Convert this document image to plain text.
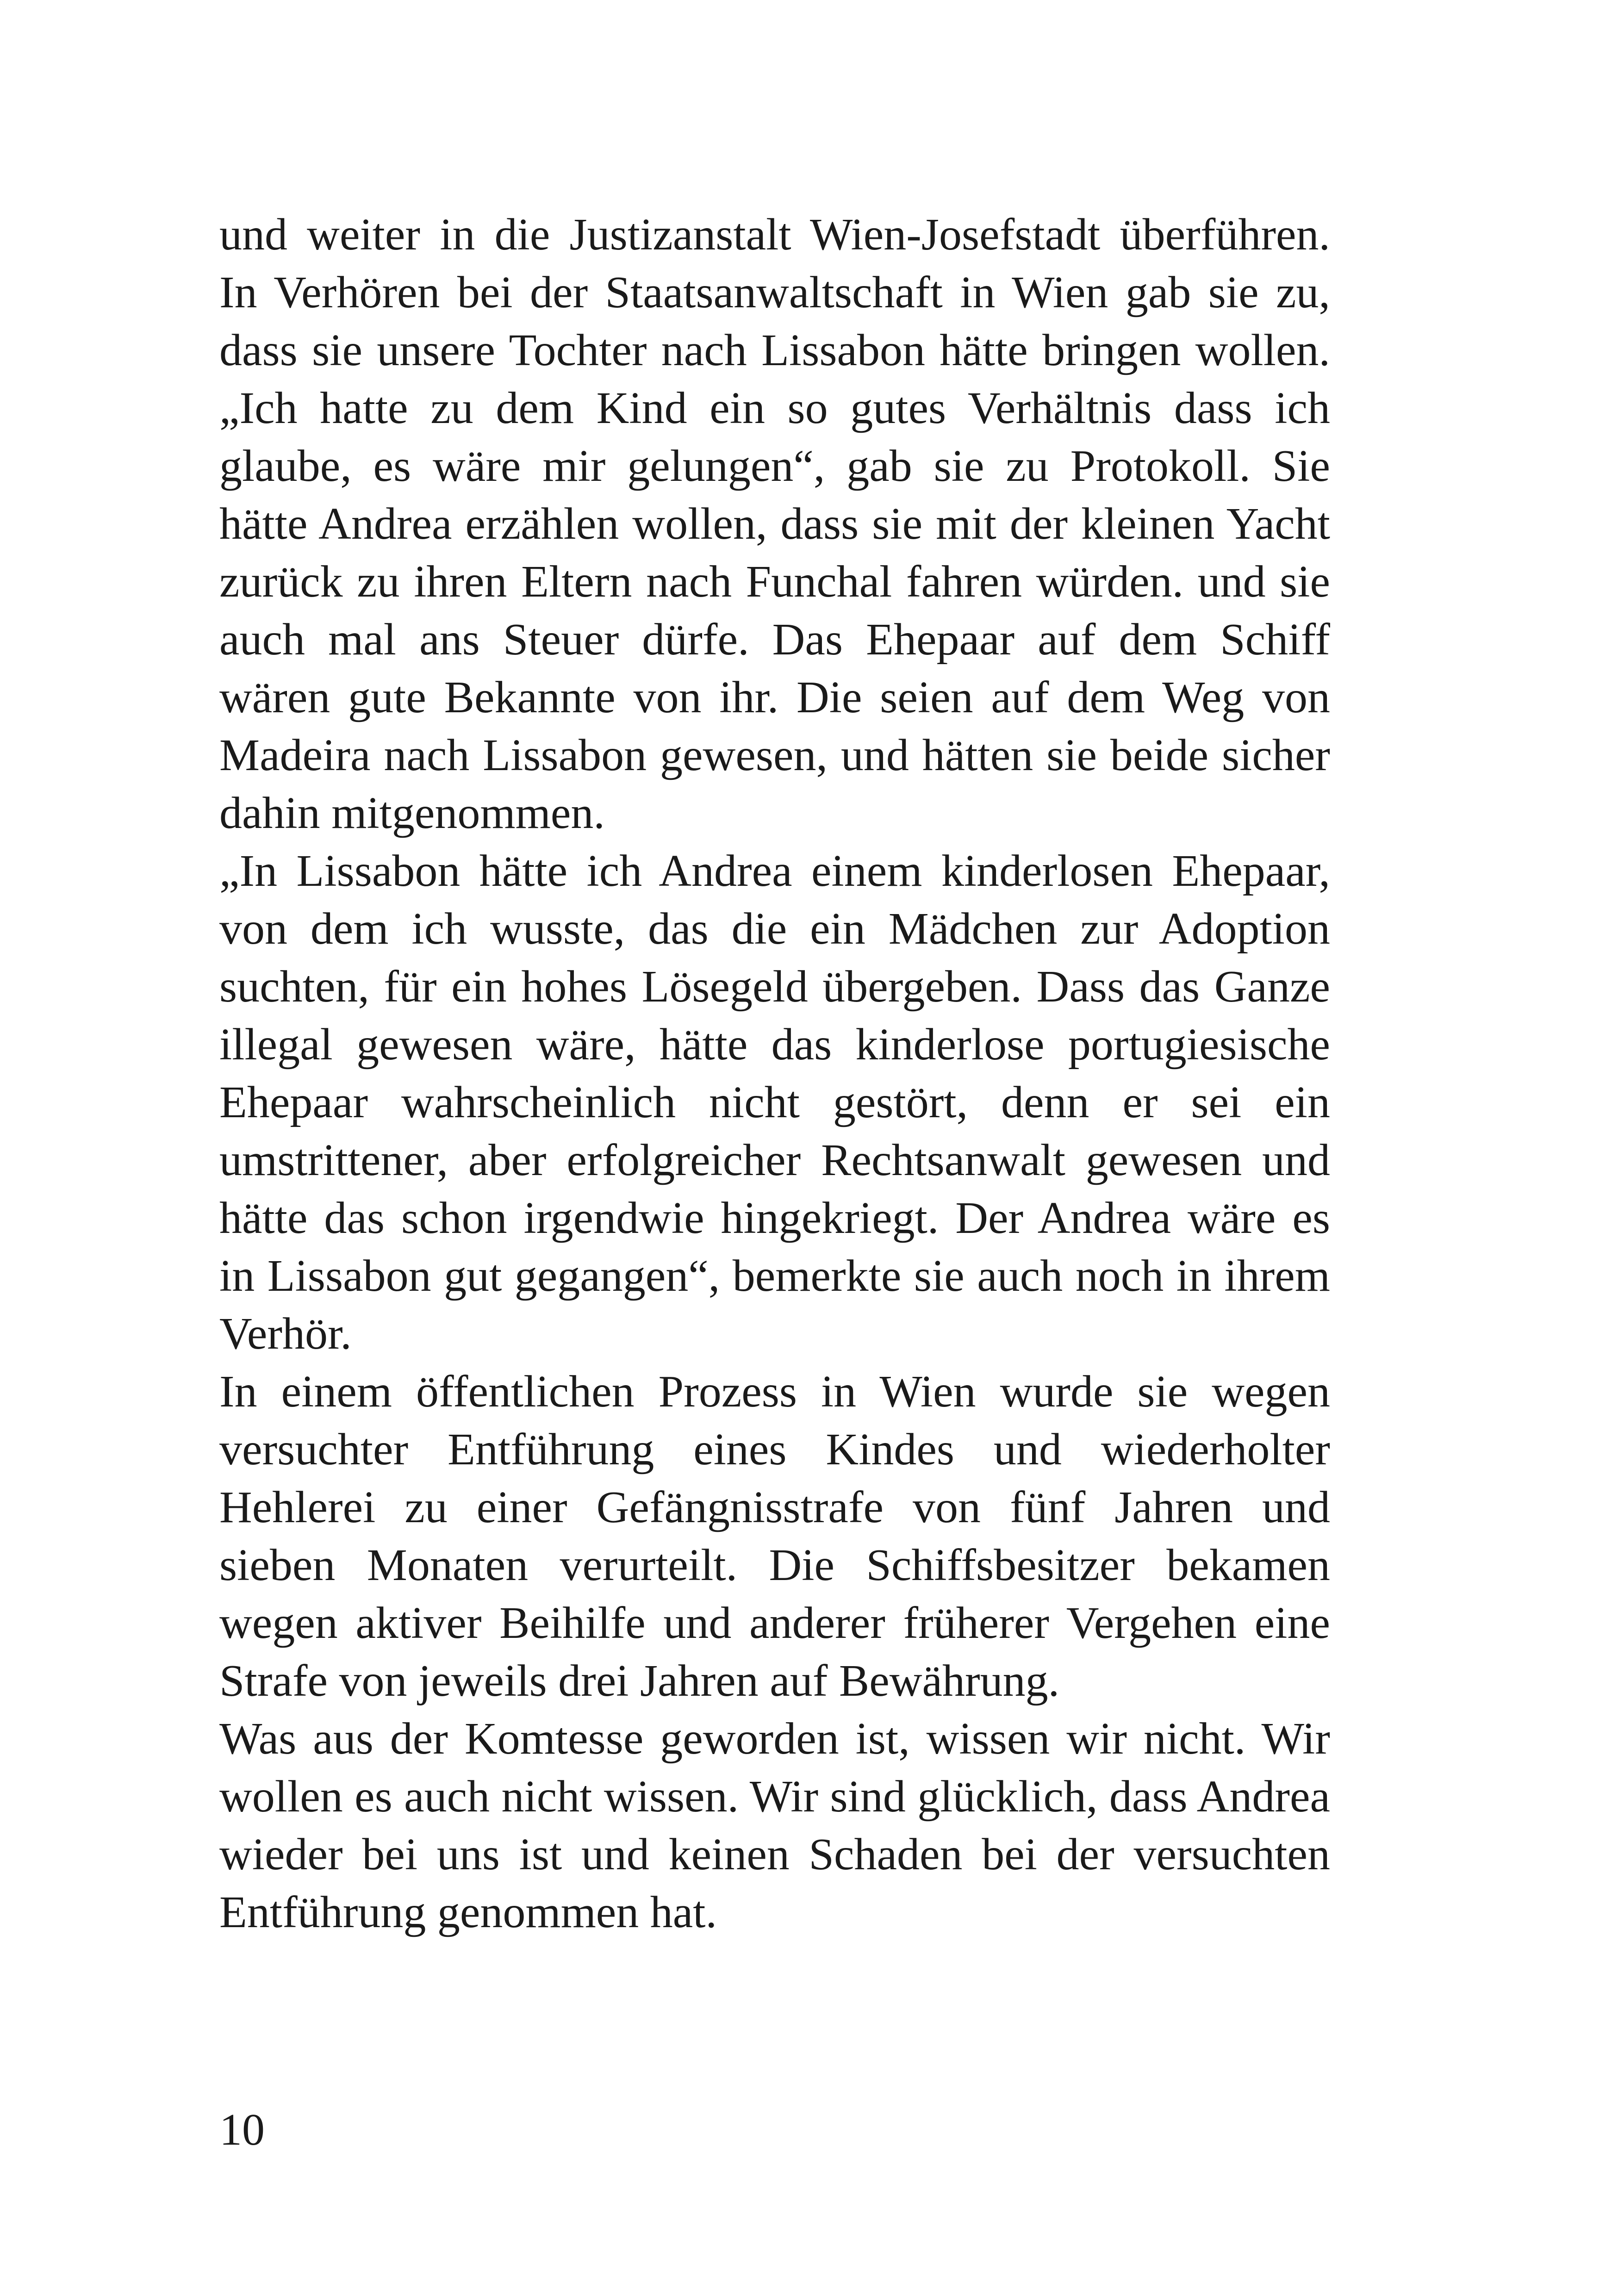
und weiter in die Justizanstalt Wien-Josefstadt überführen. In Verhören bei der Staatsanwaltschaft in Wien gab sie zu, dass sie unsere Tochter nach Lissabon hätte bringen wollen. „Ich hatte zu dem Kind ein so gutes Verhältnis dass ich glaube, es wäre mir gelungen“, gab sie zu Protokoll. Sie hätte Andrea erzählen wollen, dass sie mit der kleinen Yacht zurück zu ihren Eltern nach Funchal fahren würden. und sie auch mal ans Steuer dürfe. Das Ehepaar auf dem Schiff wären gute Bekannte von ihr. Die seien auf dem Weg von Madeira nach Lissabon gewesen, und hätten sie beide sicher dahin mitgenommen.

„In Lissabon hätte ich Andrea einem kinderlosen Ehepaar, von dem ich wusste, das die ein Mädchen zur Adoption suchten, für ein hohes Lösegeld übergeben. Dass das Ganze illegal gewesen wäre, hätte das kinderlose portugiesische Ehepaar wahrscheinlich nicht gestört, denn er sei ein umstrittener, aber erfolgreicher Rechtsanwalt gewesen und hätte das schon irgendwie hingekriegt. Der Andrea wäre es in Lissabon gut gegangen“, bemerkte sie auch noch in ihrem Verhör.

In einem öffentlichen Prozess in Wien wurde sie wegen versuchter Entführung eines Kindes und wiederholter Hehlerei zu einer Gefängnisstrafe von fünf Jahren und sieben Monaten verurteilt. Die Schiffsbesitzer bekamen wegen aktiver Beihilfe und anderer früherer Vergehen eine Strafe von jeweils drei Jahren auf Bewährung.

Was aus der Komtesse geworden ist, wissen wir nicht. Wir wollen es auch nicht wissen. Wir sind glücklich, dass Andrea wieder bei uns ist und keinen Schaden bei der versuchten Entführung genommen hat.

10
